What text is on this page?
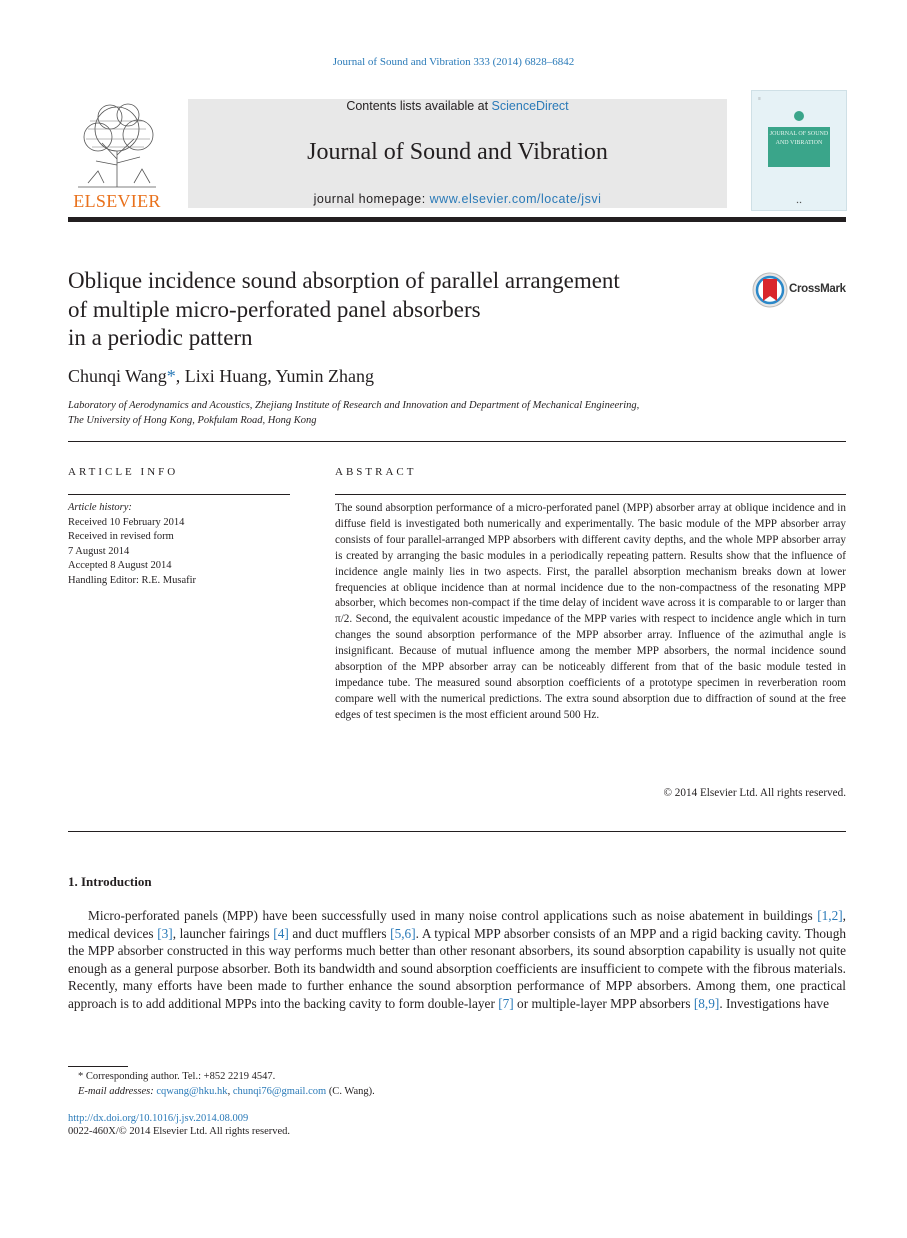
Journal of Sound and Vibration 333 (2014) 6828–6842
ELSEVIER
Contents lists available at ScienceDirect
Journal of Sound and Vibration
journal homepage: www.elsevier.com/locate/jsvi
≡
JOURNAL OF SOUND AND VIBRATION
▪ ▪
Oblique incidence sound absorption of parallel arrangement
of multiple micro-perforated panel absorbers
in a periodic pattern
CrossMark
Chunqi Wang*, Lixi Huang, Yumin Zhang
Laboratory of Aerodynamics and Acoustics, Zhejiang Institute of Research and Innovation and Department of Mechanical Engineering,
The University of Hong Kong, Pokfulam Road, Hong Kong
ARTICLE INFO	ABSTRACT
Article history:
Received 10 February 2014
Received in revised form
7 August 2014
Accepted 8 August 2014
Handling Editor: R.E. Musafir
The sound absorption performance of a micro-perforated panel (MPP) absorber array at oblique incidence and in diffuse field is investigated both numerically and experimentally. The basic module of the MPP absorber array consists of four parallel-arranged MPP absorbers with different cavity depths, and the whole MPP absorber array is created by arranging the basic modules in a periodically repeating pattern. Results show that the influence of incidence angle mainly lies in two aspects. First, the parallel absorption mechanism breaks down at lower frequencies at oblique incidence than at normal incidence due to the non-compactness of the resonating MPP absorber, which becomes non-compact if the time delay of incident wave across it is comparable to or larger than π/2. Second, the equivalent acoustic impedance of the MPP varies with respect to incidence angle which in turn changes the sound absorption performance of the MPP absorber array. Influence of the azimuthal angle is insignificant. Because of mutual influence among the member MPP absorbers, the normal incidence sound absorption of the MPP absorber array can be noticeably different from that of the basic module tested in impedance tube. The measured sound absorption coefficients of a prototype specimen in reverberation room compare well with the numerical predictions. The extra sound absorption due to diffraction of sound at the free edges of test specimen is the most efficient around 500 Hz.
© 2014 Elsevier Ltd. All rights reserved.
1. Introduction
Micro-perforated panels (MPP) have been successfully used in many noise control applications such as noise abatement in buildings [1,2], medical devices [3], launcher fairings [4] and duct mufflers [5,6]. A typical MPP absorber consists of an MPP and a rigid backing cavity. Though the MPP absorber constructed in this way performs much better than other resonant absorbers, its sound absorption capability is usually not quite enough as a general purpose absorber. Both its bandwidth and sound absorption coefficients are insufficient to compete with the fibrous materials. Recently, many efforts have been made to further enhance the sound absorption performance of MPP absorbers. Among them, one practical approach is to add additional MPPs into the backing cavity to form double-layer [7] or multiple-layer MPP absorbers [8,9]. Investigations have
* Corresponding author. Tel.: +852 2219 4547.
E-mail addresses: cqwang@hku.hk, chunqi76@gmail.com (C. Wang).
http://dx.doi.org/10.1016/j.jsv.2014.08.009
0022-460X/© 2014 Elsevier Ltd. All rights reserved.
